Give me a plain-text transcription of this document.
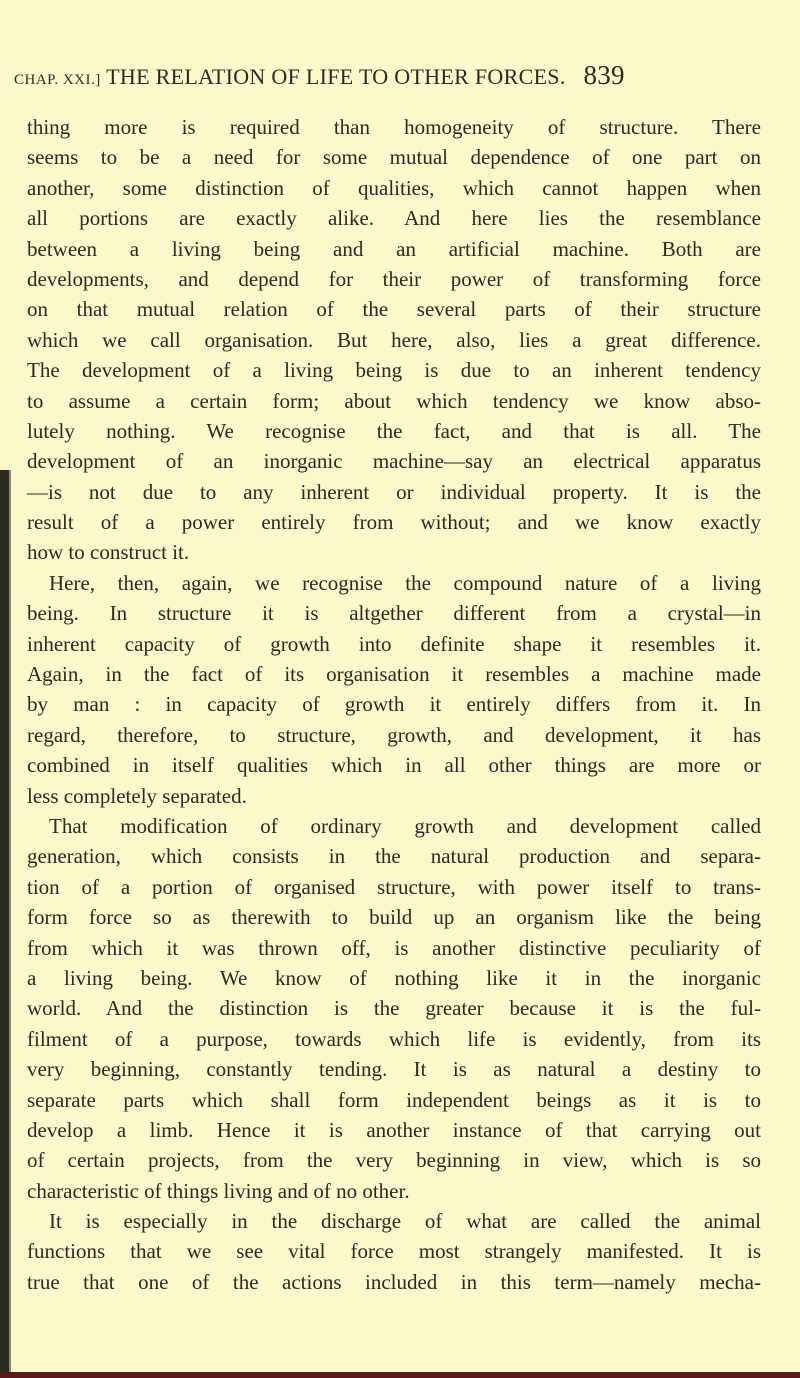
CHAP. XXI.] THE RELATION OF LIFE TO OTHER FORCES. 839
thing more is required than homogeneity of structure. There
seems to be a need for some mutual dependence of one part on
another, some distinction of qualities, which cannot happen when
all portions are exactly alike. And here lies the resemblance
between a living being and an artificial machine. Both are
developments, and depend for their power of transforming force
on that mutual relation of the several parts of their structure
which we call organisation. But here, also, lies a great difference.
The development of a living being is due to an inherent tendency
to assume a certain form; about which tendency we know abso-
lutely nothing. We recognise the fact, and that is all. The
development of an inorganic machine—say an electrical apparatus
—is not due to any inherent or individual property. It is the
result of a power entirely from without; and we know exactly
how to construct it.
Here, then, again, we recognise the compound nature of a living
being. In structure it is altgether different from a crystal—in
inherent capacity of growth into definite shape it resembles it.
Again, in the fact of its organisation it resembles a machine made
by man : in capacity of growth it entirely differs from it. In
regard, therefore, to structure, growth, and development, it has
combined in itself qualities which in all other things are more or
less completely separated.
That modification of ordinary growth and development called
generation, which consists in the natural production and separa-
tion of a portion of organised structure, with power itself to trans-
form force so as therewith to build up an organism like the being
from which it was thrown off, is another distinctive peculiarity of
a living being. We know of nothing like it in the inorganic
world. And the distinction is the greater because it is the ful-
filment of a purpose, towards which life is evidently, from its
very beginning, constantly tending. It is as natural a destiny to
separate parts which shall form independent beings as it is to
develop a limb. Hence it is another instance of that carrying out
of certain projects, from the very beginning in view, which is so
characteristic of things living and of no other.
It is especially in the discharge of what are called the animal
functions that we see vital force most strangely manifested. It is
true that one of the actions included in this term—namely mecha-
